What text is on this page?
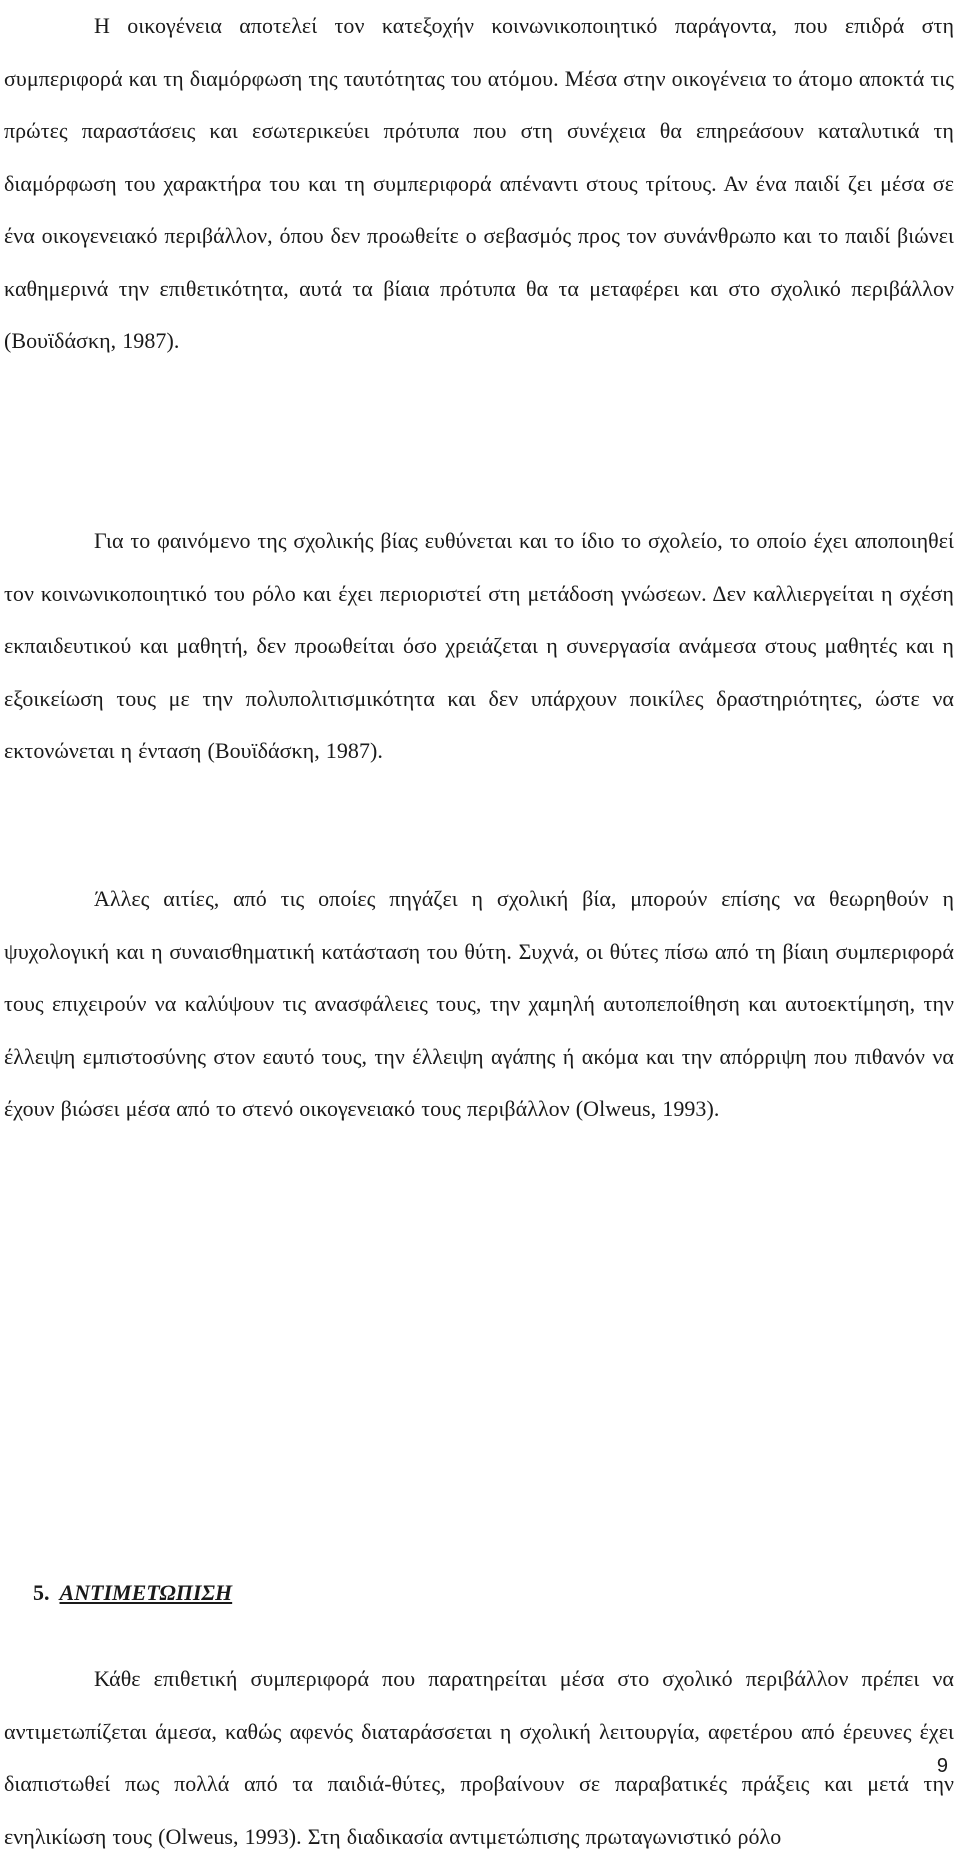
Η οικογένεια αποτελεί τον κατεξοχήν κοινωνικοποιητικό παράγοντα, που επιδρά στη συμπεριφορά και τη διαμόρφωση της ταυτότητας του ατόμου. Μέσα στην οικογένεια το άτομο αποκτά τις πρώτες παραστάσεις και εσωτερικεύει πρότυπα που στη συνέχεια θα επηρεάσουν καταλυτικά τη διαμόρφωση του χαρακτήρα του και τη συμπεριφορά απέναντι στους τρίτους. Αν ένα παιδί ζει μέσα σε ένα οικογενειακό περιβάλλον, όπου δεν προωθείτε ο σεβασμός προς τον συνάνθρωπο και το παιδί βιώνει καθημερινά την επιθετικότητα, αυτά τα βίαια πρότυπα θα τα μεταφέρει και στο σχολικό περιβάλλον (Βουϊδάσκη, 1987).

Για το φαινόμενο της σχολικής βίας ευθύνεται και το ίδιο το σχολείο, το οποίο έχει αποποιηθεί τον κοινωνικοποιητικό του ρόλο και έχει περιοριστεί στη μετάδοση γνώσεων. Δεν καλλιεργείται η σχέση εκπαιδευτικού και μαθητή, δεν προωθείται όσο χρειάζεται η συνεργασία ανάμεσα στους μαθητές και η εξοικείωση τους με την πολυπολιτισμικότητα και δεν υπάρχουν ποικίλες δραστηριότητες, ώστε να εκτονώνεται η ένταση (Βουϊδάσκη, 1987).

Άλλες αιτίες, από τις οποίες πηγάζει η σχολική βία, μπορούν επίσης να θεωρηθούν η ψυχολογική και η συναισθηματική κατάσταση του θύτη. Συχνά, οι θύτες πίσω από τη βίαιη συμπεριφορά τους επιχειρούν να καλύψουν τις ανασφάλειες τους, την χαμηλή αυτοπεποίθηση και αυτοεκτίμηση, την έλλειψη εμπιστοσύνης στον εαυτό τους, την έλλειψη αγάπης ή ακόμα και την απόρριψη που πιθανόν να έχουν βιώσει μέσα από το στενό οικογενειακό τους περιβάλλον (Olweus, 1993).

5. ΑΝΤΙΜΕΤΩΠΙΣΗ

Κάθε επιθετική συμπεριφορά που παρατηρείται μέσα στο σχολικό περιβάλλον πρέπει να αντιμετωπίζεται άμεσα, καθώς αφενός διαταράσσεται η σχολική λειτουργία, αφετέρου από έρευνες έχει διαπιστωθεί πως πολλά από τα παιδιά-θύτες, προβαίνουν σε παραβατικές πράξεις και μετά την ενηλικίωση τους (Olweus, 1993). Στη διαδικασία αντιμετώπισης πρωταγωνιστικό ρόλο

9
